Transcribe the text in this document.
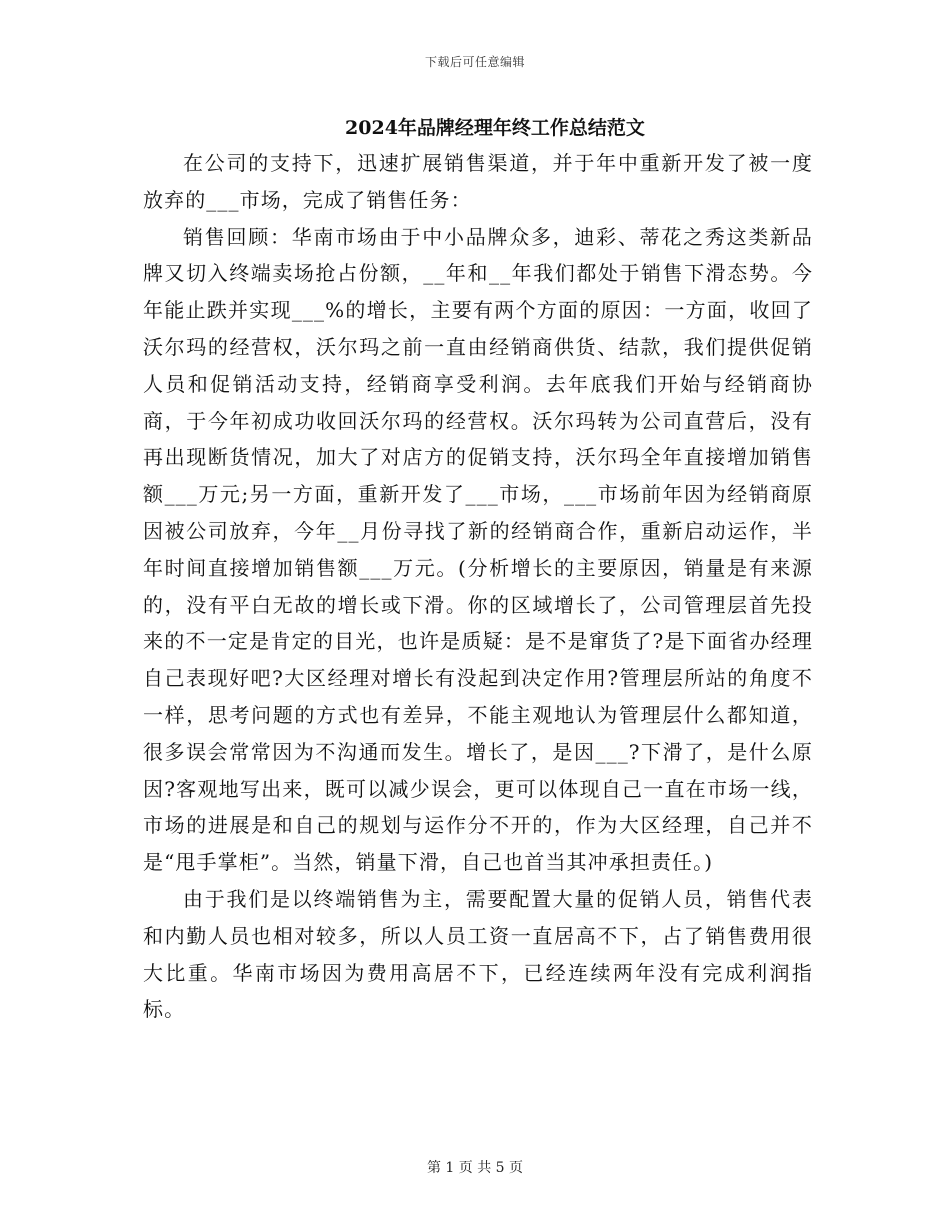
下载后可任意编辑
2024年品牌经理年终工作总结范文

在公司的支持下，迅速扩展销售渠道，并于年中重新开发了被一度放弃的___市场，完成了销售任务：

销售回顾：华南市场由于中小品牌众多，迪彩、蒂花之秀这类新品牌又切入终端卖场抢占份额，__年和__年我们都处于销售下滑态势。今年能止跌并实现___%的增长，主要有两个方面的原因：一方面，收回了沃尔玛的经营权，沃尔玛之前一直由经销商供货、结款，我们提供促销人员和促销活动支持，经销商享受利润。去年底我们开始与经销商协商，于今年初成功收回沃尔玛的经营权。沃尔玛转为公司直营后，没有再出现断货情况，加大了对店方的促销支持，沃尔玛全年直接增加销售额___万元;另一方面，重新开发了___市场，___市场前年因为经销商原因被公司放弃，今年__月份寻找了新的经销商合作，重新启动运作，半年时间直接增加销售额___万元。(分析增长的主要原因，销量是有来源的，没有平白无故的增长或下滑。你的区域增长了，公司管理层首先投来的不一定是肯定的目光，也许是质疑：是不是窜货了?是下面省办经理自己表现好吧?大区经理对增长有没起到决定作用?管理层所站的角度不一样，思考问题的方式也有差异，不能主观地认为管理层什么都知道，很多误会常常因为不沟通而发生。增长了，是因___?下滑了，是什么原因?客观地写出来，既可以减少误会，更可以体现自己一直在市场一线，市场的进展是和自己的规划与运作分不开的，作为大区经理，自己并不是“甩手掌柜”。当然，销量下滑，自己也首当其冲承担责任。)

由于我们是以终端销售为主，需要配置大量的促销人员，销售代表和内勤人员也相对较多，所以人员工资一直居高不下，占了销售费用很大比重。华南市场因为费用高居不下，已经连续两年没有完成利润指标。

第 1 页 共 5 页
